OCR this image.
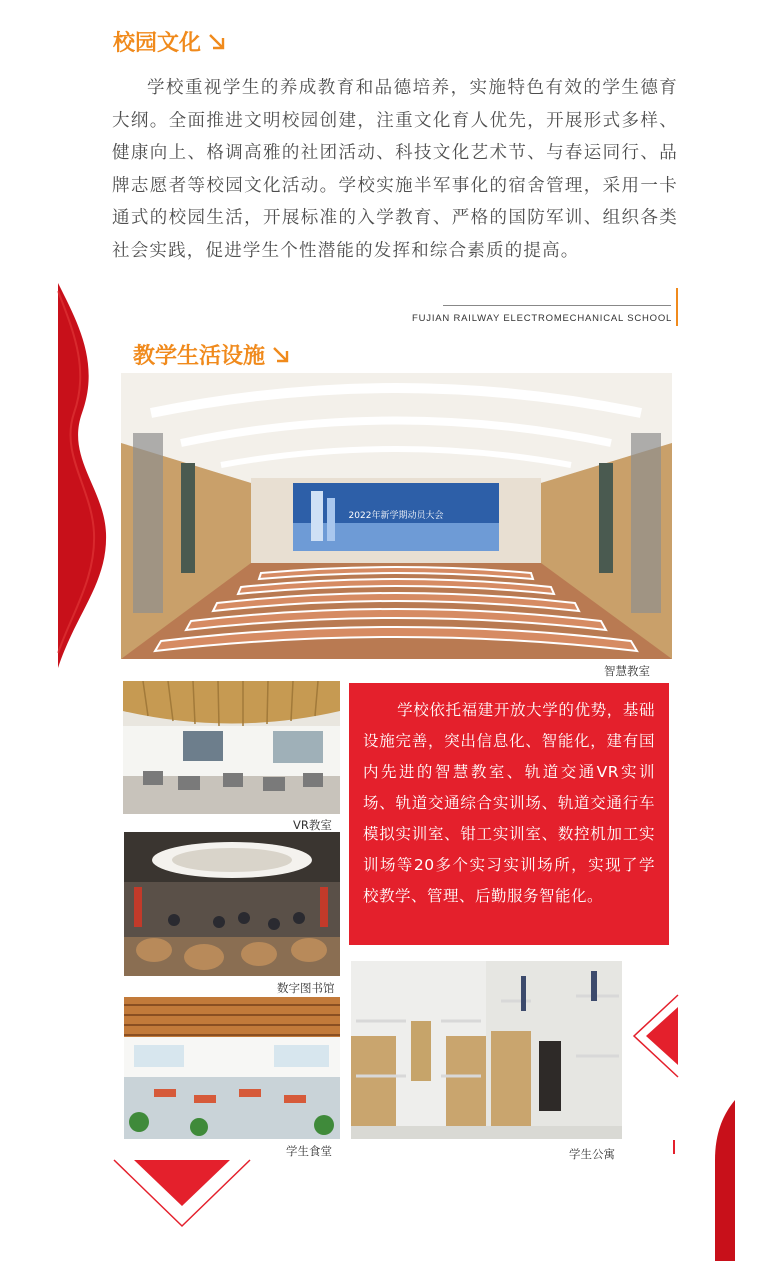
校园文化
学校重视学生的养成教育和品德培养，实施特色有效的学生德育大纲。全面推进文明校园创建，注重文化育人优先，开展形式多样、健康向上、格调高雅的社团活动、科技文化艺术节、与春运同行、品牌志愿者等校园文化活动。学校实施半军事化的宿舍管理，采用一卡通式的校园生活，开展标准的入学教育、严格的国防军训、组织各类社会实践，促进学生个性潜能的发挥和综合素质的提高。
FUJIAN RAILWAY ELECTROMECHANICAL SCHOOL
教学生活设施
2022年新学期动员大会
智慧教室
VR教室
数字图书馆
学生食堂
学校依托福建开放大学的优势，基础设施完善，突出信息化、智能化，建有国内先进的智慧教室、轨道交通VR实训场、轨道交通综合实训场、轨道交通行车模拟实训室、钳工实训室、数控机加工实训场等20多个实习实训场所，实现了学校教学、管理、后勤服务智能化。
学生公寓
